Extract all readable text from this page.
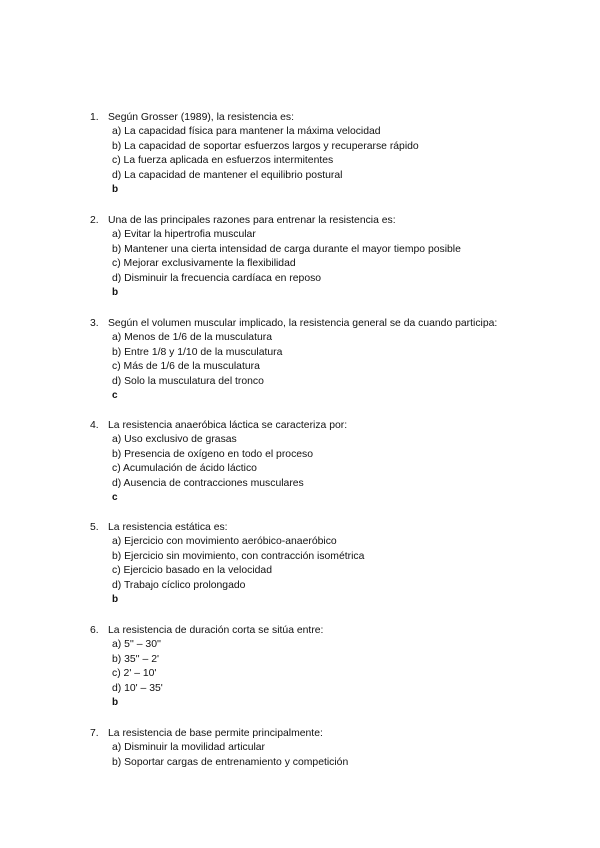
1. Según Grosser (1989), la resistencia es:
a) La capacidad física para mantener la máxima velocidad
b) La capacidad de soportar esfuerzos largos y recuperarse rápido
c) La fuerza aplicada en esfuerzos intermitentes
d) La capacidad de mantener el equilibrio postural
b
2. Una de las principales razones para entrenar la resistencia es:
a) Evitar la hipertrofia muscular
b) Mantener una cierta intensidad de carga durante el mayor tiempo posible
c) Mejorar exclusivamente la flexibilidad
d) Disminuir la frecuencia cardíaca en reposo
b
3. Según el volumen muscular implicado, la resistencia general se da cuando participa:
a) Menos de 1/6 de la musculatura
b) Entre 1/8 y 1/10 de la musculatura
c) Más de 1/6 de la musculatura
d) Solo la musculatura del tronco
c
4. La resistencia anaeróbica láctica se caracteriza por:
a) Uso exclusivo de grasas
b) Presencia de oxígeno en todo el proceso
c) Acumulación de ácido láctico
d) Ausencia de contracciones musculares
c
5. La resistencia estática es:
a) Ejercicio con movimiento aeróbico-anaeróbico
b) Ejercicio sin movimiento, con contracción isométrica
c) Ejercicio basado en la velocidad
d) Trabajo cíclico prolongado
b
6. La resistencia de duración corta se sitúa entre:
a) 5'' – 30''
b) 35'' – 2'
c) 2' – 10'
d) 10' – 35'
b
7. La resistencia de base permite principalmente:
a) Disminuir la movilidad articular
b) Soportar cargas de entrenamiento y competición
